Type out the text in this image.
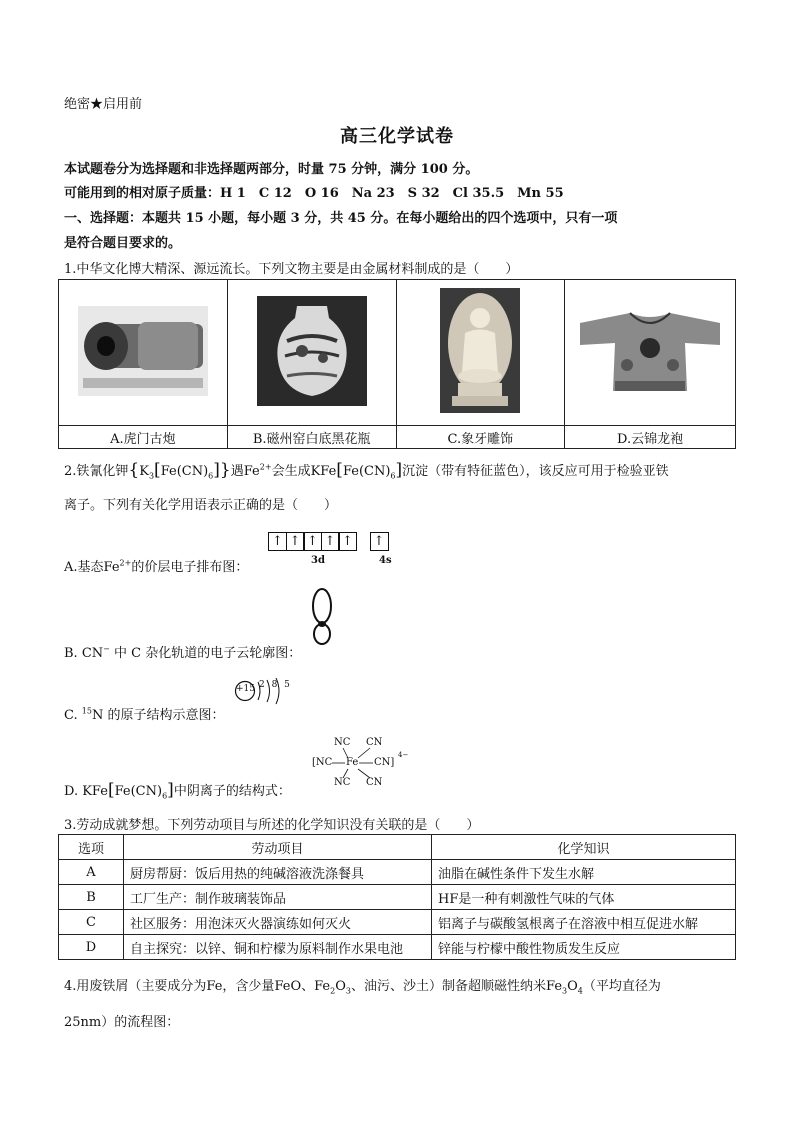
绝密★启用前
高三化学试卷
本试题卷分为选择题和非选择题两部分，时量 75 分钟，满分 100 分。
可能用到的相对原子质量：H 1　C 12　O 16　Na 23　S 32　Cl 35.5　Mn 55
一、选择题：本题共 15 小题，每小题 3 分，共 45 分。在每小题给出的四个选项中，只有一项
是符合题目要求的。
1.中华文化博大精深、源远流长。下列文物主要是由金属材料制成的是（　　）

A.虎门古炮	B.磁州窑白底黑花瓶	C.象牙雕饰	D.云锦龙袍
2.铁氰化钾$\{K_3[Fe(CN)_6]\}$遇$Fe^{2+}$会生成$KFe[Fe(CN)_6]$沉淀（带有特征蓝色），该反应可用于检验亚铁
离子。下列有关化学用语表示正确的是（　　）
↑ ↑ ↑ ↑ ↑ ↑
3d	4s
A.基态$Fe^{2+}$的价层电子排布图：
B. CN− 中 C 杂化轨道的电子云轮廓图：
+15 2 8 5
C. $^{15}$N 的原子结构示意图：
NC CN
[NC Fe CN]
4−
NC CN
D. $KFe[Fe(CN)_6]$中阴离子的结构式：
3.劳动成就梦想。下列劳动项目与所述的化学知识没有关联的是（　　）
选项	劳动项目	化学知识
A	厨房帮厨：饭后用热的纯碱溶液洗涤餐具	油脂在碱性条件下发生水解
B	工厂生产：制作玻璃装饰品	HF是一种有刺激性气味的气体
C	社区服务：用泡沫灭火器演练如何灭火	铝离子与碳酸氢根离子在溶液中相互促进水解
D	自主探究：以锌、铜和柠檬为原料制作水果电池	锌能与柠檬中酸性物质发生反应
4.用废铁屑（主要成分为Fe，含少量FeO、$Fe_2O_3$、油污、沙土）制备超顺磁性纳米$Fe_3O_4$（平均直径为
25nm）的流程图：
